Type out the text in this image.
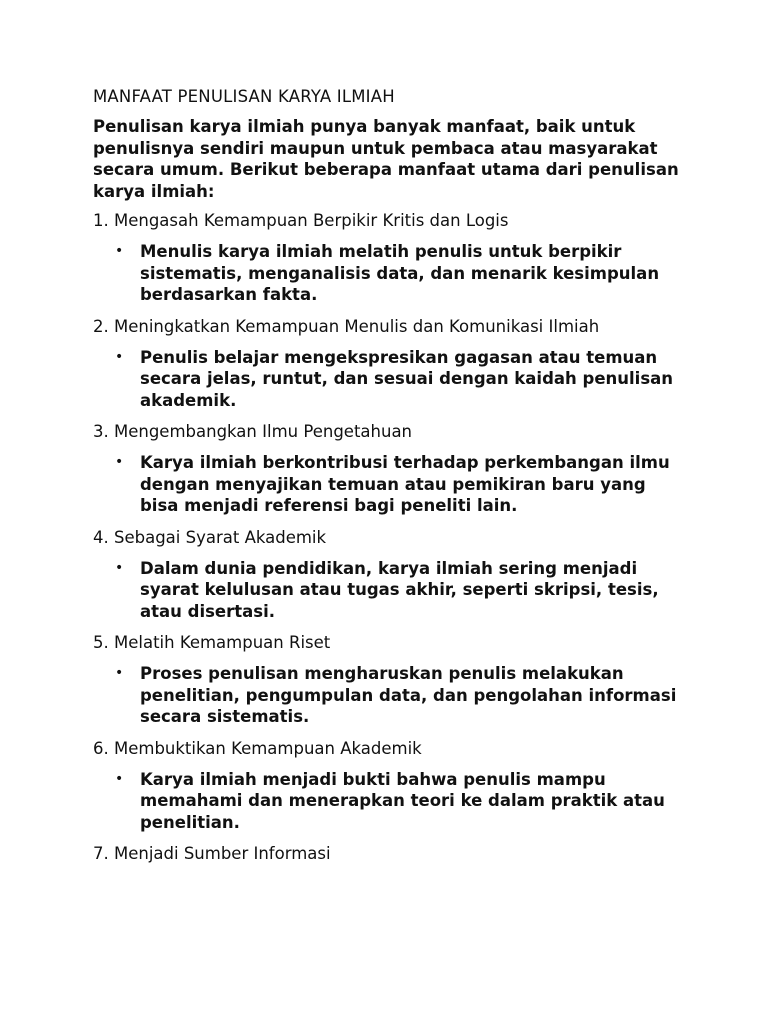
MANFAAT PENULISAN KARYA ILMIAH
Penulisan karya ilmiah punya banyak manfaat, baik untuk penulisnya sendiri maupun untuk pembaca atau masyarakat secara umum. Berikut beberapa manfaat utama dari penulisan karya ilmiah:
1. Mengasah Kemampuan Berpikir Kritis dan Logis
• Menulis karya ilmiah melatih penulis untuk berpikir sistematis, menganalisis data, dan menarik kesimpulan berdasarkan fakta.
2. Meningkatkan Kemampuan Menulis dan Komunikasi Ilmiah
• Penulis belajar mengekspresikan gagasan atau temuan secara jelas, runtut, dan sesuai dengan kaidah penulisan akademik.
3. Mengembangkan Ilmu Pengetahuan
• Karya ilmiah berkontribusi terhadap perkembangan ilmu dengan menyajikan temuan atau pemikiran baru yang bisa menjadi referensi bagi peneliti lain.
4. Sebagai Syarat Akademik
• Dalam dunia pendidikan, karya ilmiah sering menjadi syarat kelulusan atau tugas akhir, seperti skripsi, tesis, atau disertasi.
5. Melatih Kemampuan Riset
• Proses penulisan mengharuskan penulis melakukan penelitian, pengumpulan data, dan pengolahan informasi secara sistematis.
6. Membuktikan Kemampuan Akademik
• Karya ilmiah menjadi bukti bahwa penulis mampu memahami dan menerapkan teori ke dalam praktik atau penelitian.
7. Menjadi Sumber Informasi
